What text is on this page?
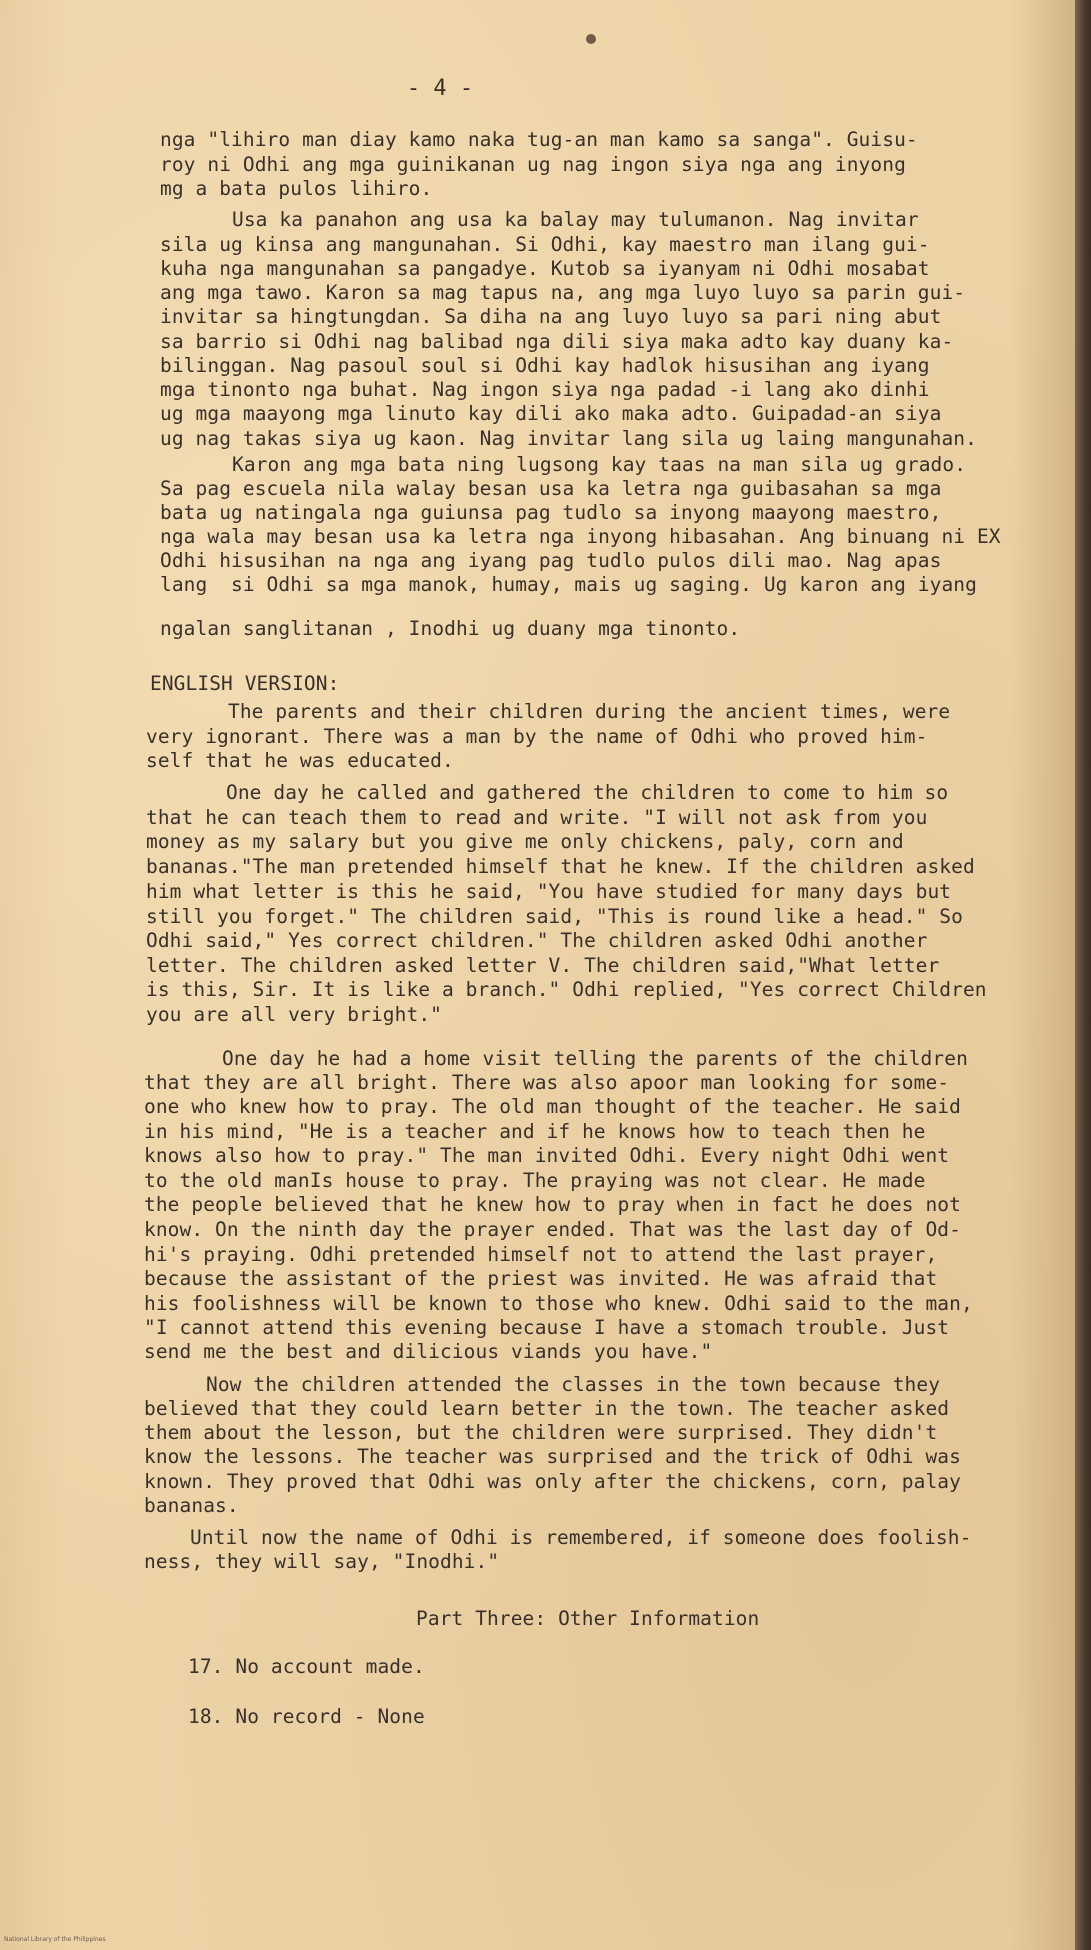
- 4 -
nga "lihiro man diay kamo naka tug-an man kamo sa sanga". Guisu-
roy ni Odhi ang mga guinikanan ug nag ingon siya nga ang inyong
mg a bata pulos lihiro.
Usa ka panahon ang usa ka balay may tulumanon. Nag invitar
sila ug kinsa ang mangunahan. Si Odhi, kay maestro man ilang gui-
kuha nga mangunahan sa pangadye. Kutob sa iyanyam ni Odhi mosabat
ang mga tawo. Karon sa mag tapus na, ang mga luyo luyo sa parin gui-
invitar sa hingtungdan. Sa diha na ang luyo luyo sa pari ning abut
sa barrio si Odhi nag balibad nga dili siya maka adto kay duany ka-
bilinggan. Nag pasoul soul si Odhi kay hadlok hisusihan ang iyang
mga tinonto nga buhat. Nag ingon siya nga padad -i lang ako dinhi
ug mga maayong mga linuto kay dili ako maka adto. Guipadad-an siya
ug nag takas siya ug kaon. Nag invitar lang sila ug laing mangunahan.
Karon ang mga bata ning lugsong kay taas na man sila ug grado.
Sa pag escuela nila walay besan usa ka letra nga guibasahan sa mga
bata ug natingala nga guiunsa pag tudlo sa inyong maayong maestro,
nga wala may besan usa ka letra nga inyong hibasahan. Ang binuang ni EX
Odhi hisusihan na nga ang iyang pag tudlo pulos dili mao. Nag apas
lang  si Odhi sa mga manok, humay, mais ug saging. Ug karon ang iyang
ngalan sanglitanan , Inodhi ug duany mga tinonto.
ENGLISH VERSION:
The parents and their children during the ancient times, were
very ignorant. There was a man by the name of Odhi who proved him-
self that he was educated.
One day he called and gathered the children to come to him so
that he can teach them to read and write. "I will not ask from you
money as my salary but you give me only chickens, paly, corn and
bananas."The man pretended himself that he knew. If the children asked
him what letter is this he said, "You have studied for many days but
still you forget." The children said, "This is round like a head." So
Odhi said," Yes correct children." The children asked Odhi another
letter. The children asked letter V. The children said,"What letter
is this, Sir. It is like a branch." Odhi replied, "Yes correct Children
you are all very bright."
One day he had a home visit telling the parents of the children
that they are all bright. There was also apoor man looking for some-
one who knew how to pray. The old man thought of the teacher. He said
in his mind, "He is a teacher and if he knows how to teach then he
knows also how to pray." The man invited Odhi. Every night Odhi went
to the old manIs house to pray. The praying was not clear. He made
the people believed that he knew how to pray when in fact he does not
know. On the ninth day the prayer ended. That was the last day of Od-
hi's praying. Odhi pretended himself not to attend the last prayer,
because the assistant of the priest was invited. He was afraid that
his foolishness will be known to those who knew. Odhi said to the man,
"I cannot attend this evening because I have a stomach trouble. Just
send me the best and dilicious viands you have."
Now the children attended the classes in the town because they
believed that they could learn better in the town. The teacher asked
them about the lesson, but the children were surprised. They didn't
know the lessons. The teacher was surprised and the trick of Odhi was
known. They proved that Odhi was only after the chickens, corn, palay
bananas.
Until now the name of Odhi is remembered, if someone does foolish-
ness, they will say, "Inodhi."
Part Three: Other Information
17. No account made.
18. No record - None
National Library of the Philippines
